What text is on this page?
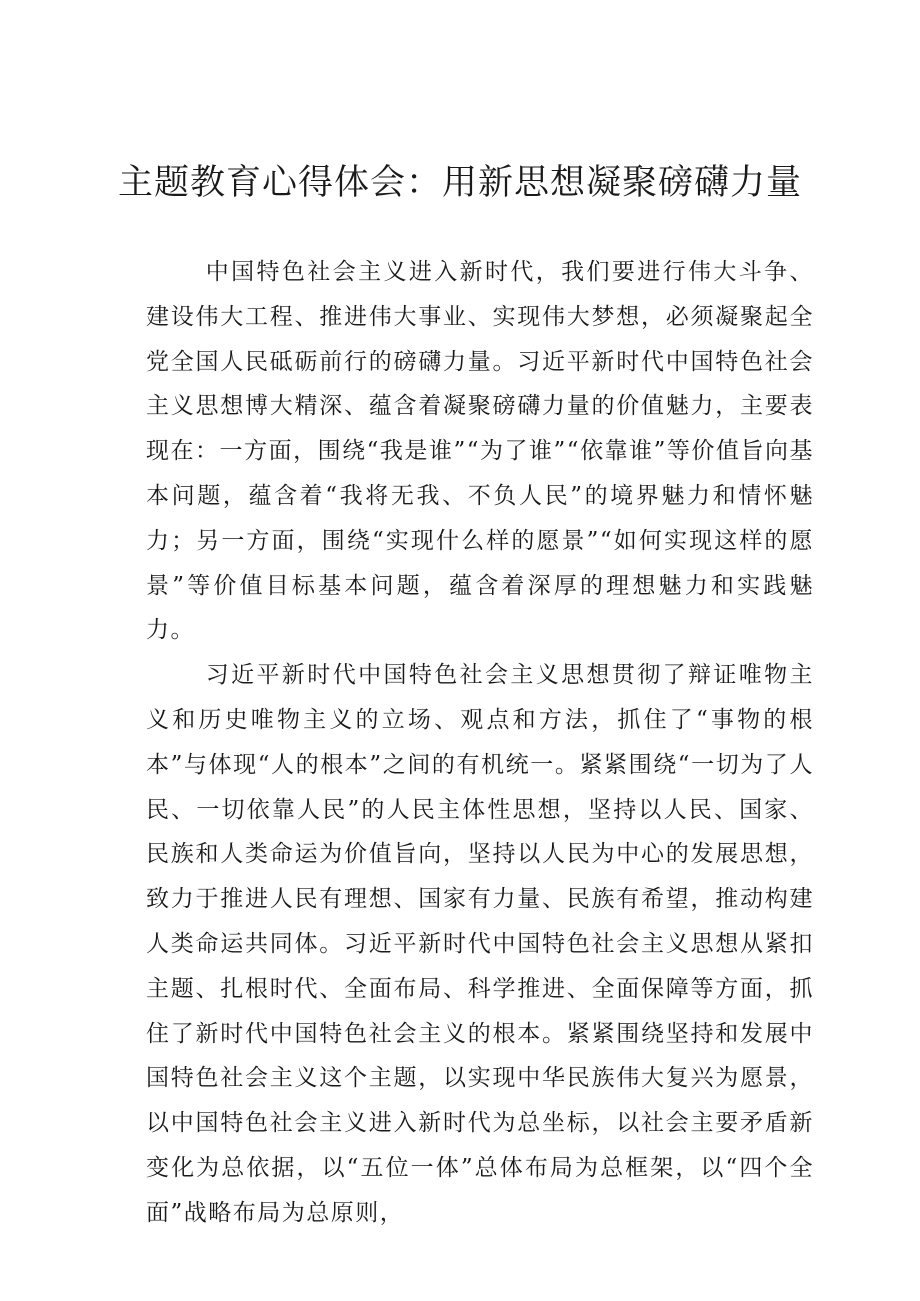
主题教育心得体会：用新思想凝聚磅礴力量

中国特色社会主义进入新时代，我们要进行伟大斗争、建设伟大工程、推进伟大事业、实现伟大梦想，必须凝聚起全党全国人民砥砺前行的磅礴力量。习近平新时代中国特色社会主义思想博大精深、蕴含着凝聚磅礴力量的价值魅力，主要表现在：一方面，围绕“我是谁”“为了谁”“依靠谁”等价值旨向基本问题，蕴含着“我将无我、不负人民”的境界魅力和情怀魅力；另一方面，围绕“实现什么样的愿景”“如何实现这样的愿景”等价值目标基本问题，蕴含着深厚的理想魅力和实践魅力。

习近平新时代中国特色社会主义思想贯彻了辩证唯物主义和历史唯物主义的立场、观点和方法，抓住了“事物的根本”与体现“人的根本”之间的有机统一。紧紧围绕“一切为了人民、一切依靠人民”的人民主体性思想，坚持以人民、国家、民族和人类命运为价值旨向，坚持以人民为中心的发展思想，致力于推进人民有理想、国家有力量、民族有希望，推动构建人类命运共同体。习近平新时代中国特色社会主义思想从紧扣主题、扎根时代、全面布局、科学推进、全面保障等方面，抓住了新时代中国特色社会主义的根本。紧紧围绕坚持和发展中国特色社会主义这个主题，以实现中华民族伟大复兴为愿景，以中国特色社会主义进入新时代为总坐标，以社会主要矛盾新变化为总依据，以“五位一体”总体布局为总框架，以“四个全面”战略布局为总原则，
